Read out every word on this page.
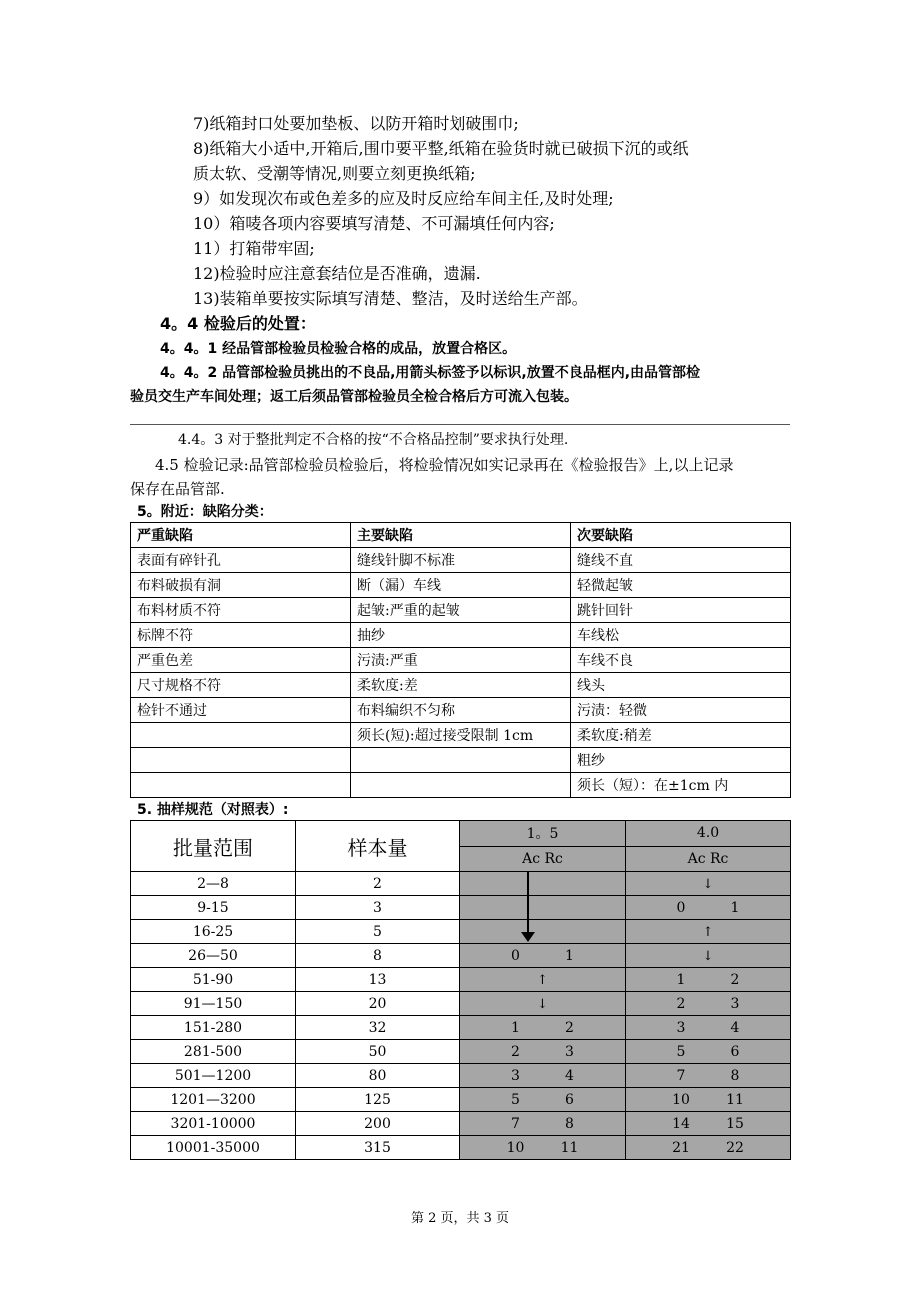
7)纸箱封口处要加垫板、以防开箱时划破围巾;
8)纸箱大小适中,开箱后,围巾要平整,纸箱在验货时就已破损下沉的或纸
质太软、受潮等情况,则要立刻更换纸箱;
9）如发现次布或色差多的应及时反应给车间主任,及时处理;
10）箱唛各项内容要填写清楚、不可漏填任何内容;
11）打箱带牢固;
12)检验时应注意套结位是否准确，遗漏.
13)装箱单要按实际填写清楚、整洁，及时送给生产部。
4。4 检验后的处置：
4。4。1 经品管部检验员检验合格的成品，放置合格区。
4。4。2 品管部检验员挑出的不良品,用箭头标签予以标识,放置不良品框内,由品管部检
验员交生产车间处理；返工后须品管部检验员全检合格后方可流入包装。
4.4。3 对于整批判定不合格的按“不合格品控制”要求执行处理.
4.5 检验记录:品管部检验员检验后，将检验情况如实记录再在《检验报告》上,以上记录
保存在品管部.
5。附近：缺陷分类：
严重缺陷	主要缺陷	次要缺陷
表面有碎针孔	缝线针脚不标准	缝线不直
布料破损有洞	断（漏）车线	轻微起皱
布料材质不符	起皱:严重的起皱	跳针回针
标牌不符	抽纱	车线松
严重色差	污渍:严重	车线不良
尺寸规格不符	柔软度:差	线头
检针不通过	布料编织不匀称	污渍：轻微
	须长(短):超过接受限制 1cm	柔软度:稍差
		粗纱
		须长（短）：在±1cm 内
5. 抽样规范（对照表）:
批量范围	样本量	1。5	4.0
		Ac Rc	Ac Rc
2—8	2		↓
9-15	3		0 1
16-25	5		↑
26—50	8	0 1	↓
51-90	13	↑	1 2
91—150	20	↓	2 3
151-280	32	1 2	3 4
281-500	50	2 3	5 6
501—1200	80	3 4	7 8
1201—3200	125	5 6	10 11
3201-10000	200	7 8	14 15
10001-35000	315	10 11	21 22
第 2 页，共 3 页
